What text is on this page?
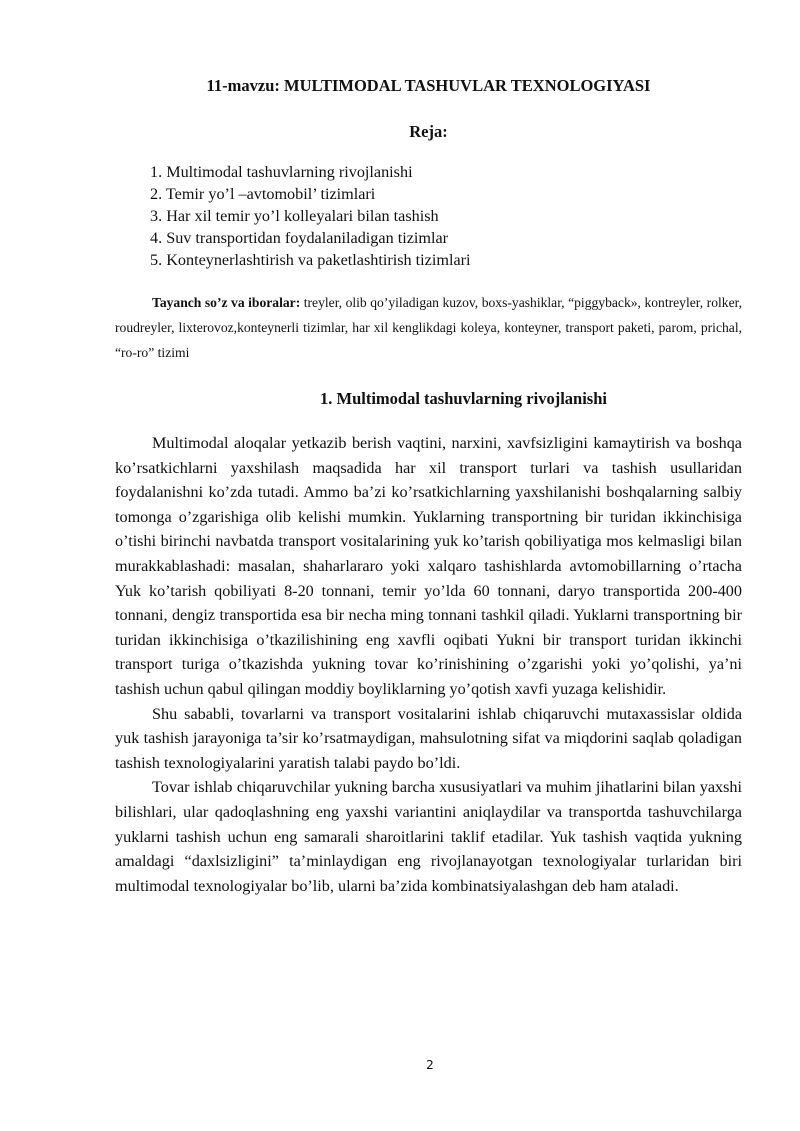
11-mavzu: MULTIMODAL TASHUVLAR TEXNOLOGIYASI
Reja:
1. Multimodal tashuvlarning rivojlanishi
2. Temir yo’l –avtomobil’ tizimlari
3. Har xil temir yo’l kolleyalari bilan tashish
4. Suv transportidan foydalaniladigan tizimlar
5. Konteynerlashtirish va paketlashtirish tizimlari
Tayanch so’z va iboralar: treyler, olib qo’yiladigan kuzov, boxs-yashiklar, “piggyback», kontreyler, rolker, roudreyler, lixterovoz,konteynerli tizimlar, har xil kenglikdagi koleya, konteyner, transport paketi, parom, prichal, “ro-ro” tizimi
1. Multimodal tashuvlarning rivojlanishi

Multimodal aloqalar yetkazib berish vaqtini, narxini, xavfsizligini kamaytirish va boshqa ko’rsatkichlarni yaxshilash maqsadida har xil transport turlari va tashish usullaridan foydalanishni ko’zda tutadi. Ammo ba’zi ko’rsatkichlarning yaxshilanishi boshqalarning salbiy tomonga o’zgarishiga olib kelishi mumkin. Yuklarning transportning bir turidan ikkinchisiga o’tishi birinchi navbatda transport vositalarining yuk ko’tarish qobiliyatiga mos kelmasligi bilan murakkablashadi: masalan, shaharlararo yoki xalqaro tashishlarda avtomobillarning o’rtacha Yuk ko’tarish qobiliyati 8-20 tonnani, temir yo’lda 60 tonnani, daryo transportida 200-400 tonnani, dengiz transportida esa bir necha ming tonnani tashkil qiladi. Yuklarni transportning bir turidan ikkinchisiga o’tkazilishining eng xavfli oqibati Yukni bir transport turidan ikkinchi transport turiga o’tkazishda yukning tovar ko’rinishining o’zgarishi yoki yo’qolishi, ya’ni tashish uchun qabul qilingan moddiy boyliklarning yo’qotish xavfi yuzaga kelishidir.

Shu sababli, tovarlarni va transport vositalarini ishlab chiqaruvchi mutaxassislar oldida yuk tashish jarayoniga ta’sir ko’rsatmaydigan, mahsulotning sifat va miqdorini saqlab qoladigan tashish texnologiyalarini yaratish talabi paydo bo’ldi.

Tovar ishlab chiqaruvchilar yukning barcha xususiyatlari va muhim jihatlarini bilan yaxshi bilishlari, ular qadoqlashning eng yaxshi variantini aniqlaydilar va transportda tashuvchilarga yuklarni tashish uchun eng samarali sharoitlarini taklif etadilar. Yuk tashish vaqtida yukning amaldagi “daxlsizligini” ta’minlaydigan eng rivojlanayotgan texnologiyalar turlaridan biri multimodal texnologiyalar bo’lib, ularni ba’zida kombinatsiyalashgan deb ham ataladi.

2
